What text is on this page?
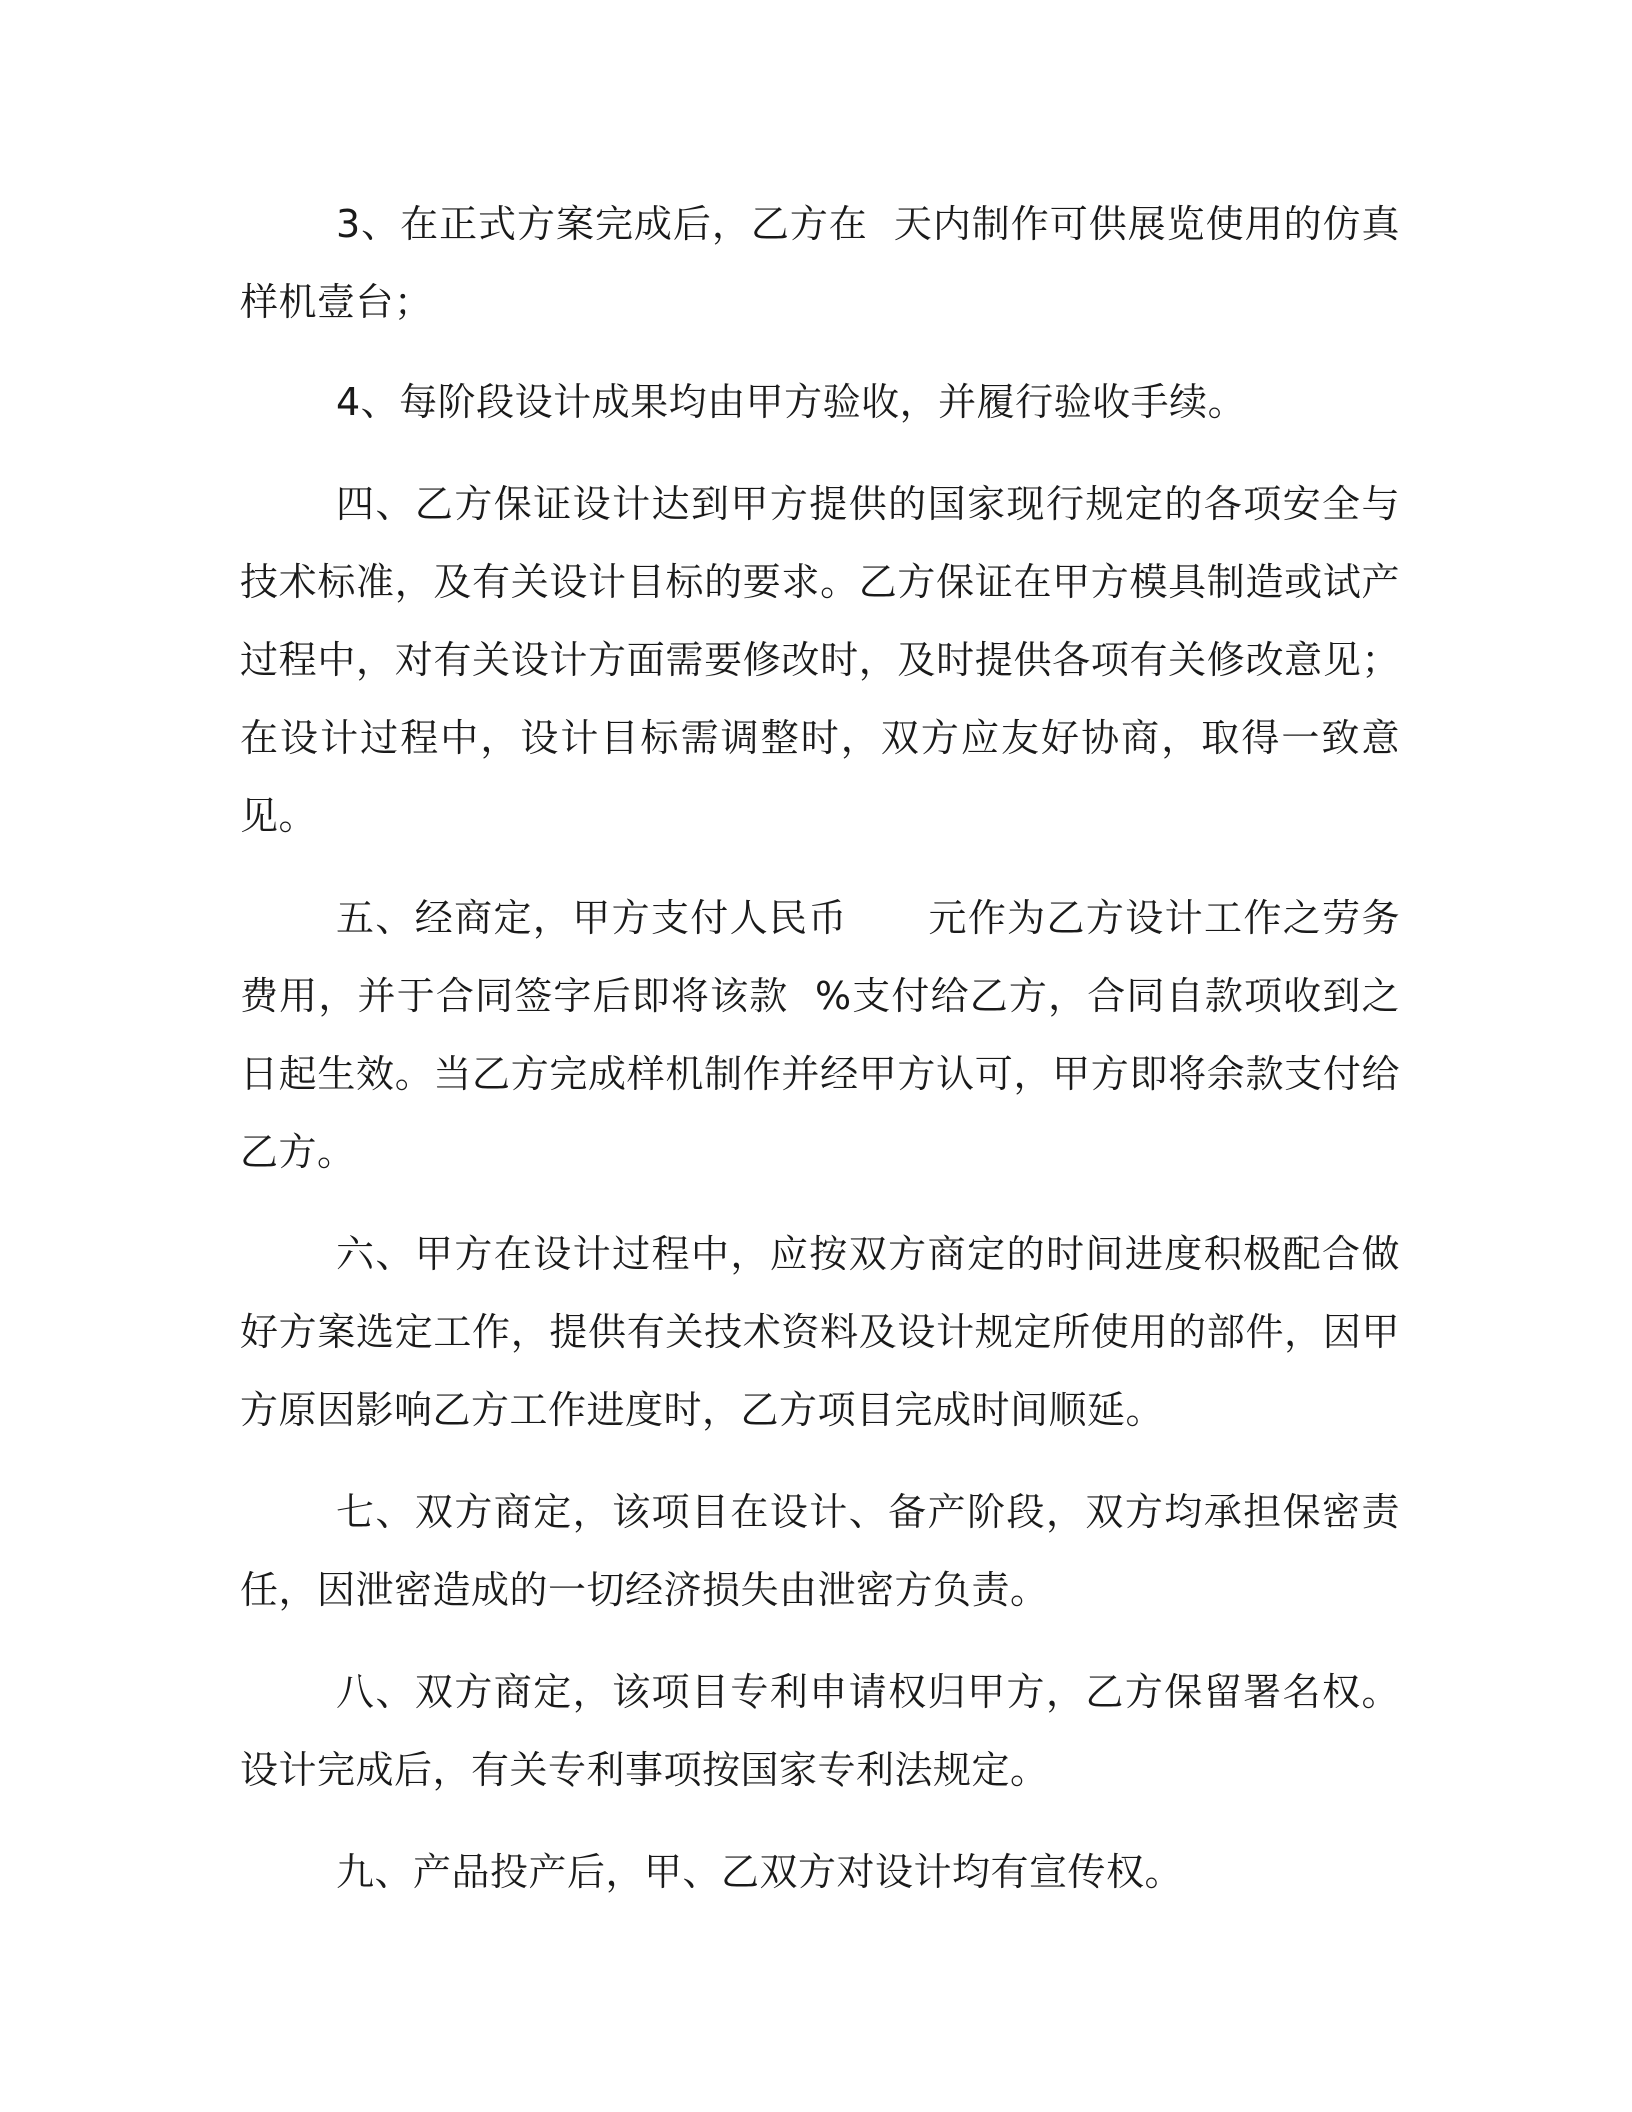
3、在正式方案完成后，乙方在  天内制作可供展览使用的仿真样机壹台；

4、每阶段设计成果均由甲方验收，并履行验收手续。

四、乙方保证设计达到甲方提供的国家现行规定的各项安全与技术标准，及有关设计目标的要求。乙方保证在甲方模具制造或试产过程中，对有关设计方面需要修改时，及时提供各项有关修改意见；在设计过程中，设计目标需调整时，双方应友好协商，取得一致意见。

五、经商定，甲方支付人民币      元作为乙方设计工作之劳务费用，并于合同签字后即将该款  %支付给乙方，合同自款项收到之日起生效。当乙方完成样机制作并经甲方认可，甲方即将余款支付给乙方。

六、甲方在设计过程中，应按双方商定的时间进度积极配合做好方案选定工作，提供有关技术资料及设计规定所使用的部件，因甲方原因影响乙方工作进度时，乙方项目完成时间顺延。

七、双方商定，该项目在设计、备产阶段，双方均承担保密责任，因泄密造成的一切经济损失由泄密方负责。

八、双方商定，该项目专利申请权归甲方，乙方保留署名权。设计完成后，有关专利事项按国家专利法规定。

九、产品投产后，甲、乙双方对设计均有宣传权。
